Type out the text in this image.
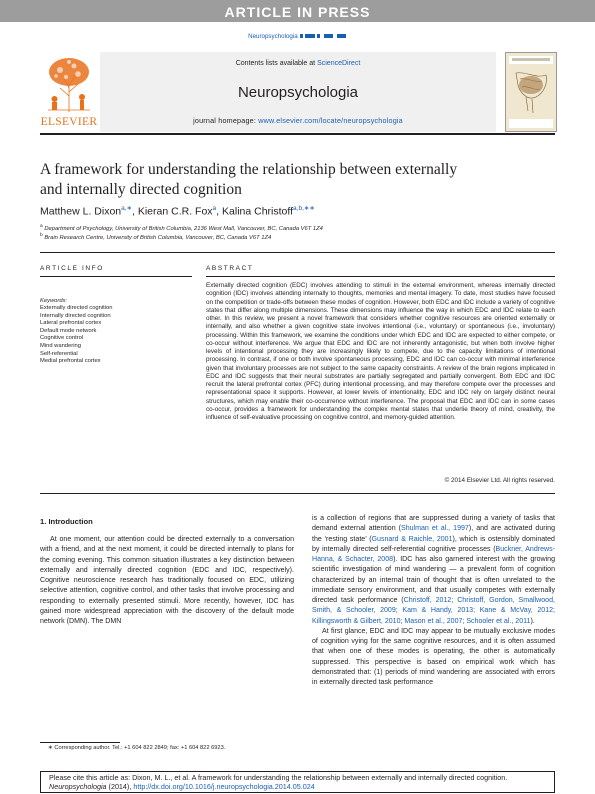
ARTICLE IN PRESS
Neuropsychologia
Contents lists available at ScienceDirect
Neuropsychologia
journal homepage: www.elsevier.com/locate/neuropsychologia
ELSEVIER
A framework for understanding the relationship between externally
and internally directed cognition
Matthew L. Dixon$^{a,∗}$, Kieran C.R. Fox$^a$, Kalina Christoff$^{a,b,∗∗}$
$^a$ Department of Psychology, University of British Columbia, 2136 West Mall, Vancouver, BC, Canada V6T 1Z4
$^b$ Brain Research Centre, University of British Columbia, Vancouver, BC, Canada V6T 1Z4
ARTICLE INFO
Keywords:
Externally directed cognition
Internally directed cognition
Lateral prefrontal cortex
Default mode network
Cognitive control
Mind wandering
Self-referential
Medial prefrontal cortex
ABSTRACT
Externally directed cognition (EDC) involves attending to stimuli in the external environment, whereas internally directed cognition (IDC) involves attending internally to thoughts, memories and mental imagery. To date, most studies have focused on the competition or trade-offs between these modes of cognition. However, both EDC and IDC include a variety of cognitive states that differ along multiple dimensions. These dimensions may influence the way in which EDC and IDC relate to each other. In this review, we present a novel framework that considers whether cognitive resources are oriented externally or internally, and also whether a given cognitive state involves intentional (i.e., voluntary) or spontaneous (i.e., involuntary) processing. Within this framework, we examine the conditions under which EDC and IDC are expected to either compete, or co-occur without interference. We argue that EDC and IDC are not inherently antagonistic, but when both involve higher levels of intentional processing they are increasingly likely to compete, due to the capacity limitations of intentional processing. In contrast, if one or both involve spontaneous processing, EDC and IDC can co-occur with minimal interference given that involuntary processes are not subject to the same capacity constraints. A review of the brain regions implicated in EDC and IDC suggests that their neural substrates are partially segregated and partially convergent. Both EDC and IDC recruit the lateral prefrontal cortex (PFC) during intentional processing, and may therefore compete over the processes and representational space it supports. However, at lower levels of intentionality, EDC and IDC rely on largely distinct neural structures, which may enable their co-occurrence without interference. The proposal that EDC and IDC can in some cases co-occur, provides a framework for understanding the complex mental states that underlie theory of mind, creativity, the influence of self-evaluative processing on cognitive control, and memory-guided attention.
© 2014 Elsevier Ltd. All rights reserved.
1. Introduction

At one moment, our attention could be directed externally to a conversation with a friend, and at the next moment, it could be directed internally to plans for the coming evening. This common situation illustrates a key distinction between externally and internally directed cognition (EDC and IDC, respectively). Cognitive neuroscience research has traditionally focused on EDC, utilizing selective attention, cognitive control, and other tasks that involve processing and responding to externally presented stimuli. More recently, however, IDC has gained more widespread appreciation with the discovery of the default mode network (DMN). The DMN

is a collection of regions that are suppressed during a variety of tasks that demand external attention (Shulman et al., 1997), and are activated during the ‘resting state’ (Gusnard & Raichle, 2001), which is ostensibly dominated by internally directed self-referential cognitive processes (Buckner, Andrews-Hanna, & Schacter, 2008). IDC has also garnered interest with the growing scientific investigation of mind wandering — a prevalent form of cognition characterized by an internal train of thought that is often unrelated to the immediate sensory environment, and that usually competes with externally directed task performance (Christoff, 2012; Christoff, Gordon, Smallwood, Smith, & Schooler, 2009; Kam & Handy, 2013; Kane & McVay, 2012; Killingsworth & Gilbert, 2010; Mason et al., 2007; Schooler et al., 2011).

At first glance, EDC and IDC may appear to be mutually exclusive modes of cognition vying for the same cognitive resources, and it is often assumed that when one of these modes is operating, the other is automatically suppressed. This perspective is based on empirical work which has demonstrated that: (1) periods of mind wandering are associated with errors in externally directed task performance

∗ Corresponding author. Tel.: +1 604 822 2849; fax: +1 604 822 6923.
Please cite this article as: Dixon, M. L., et al. A framework for understanding the relationship between externally and internally directed cognition. Neuropsychologia (2014), http://dx.doi.org/10.1016/j.neuropsychologia.2014.05.024
